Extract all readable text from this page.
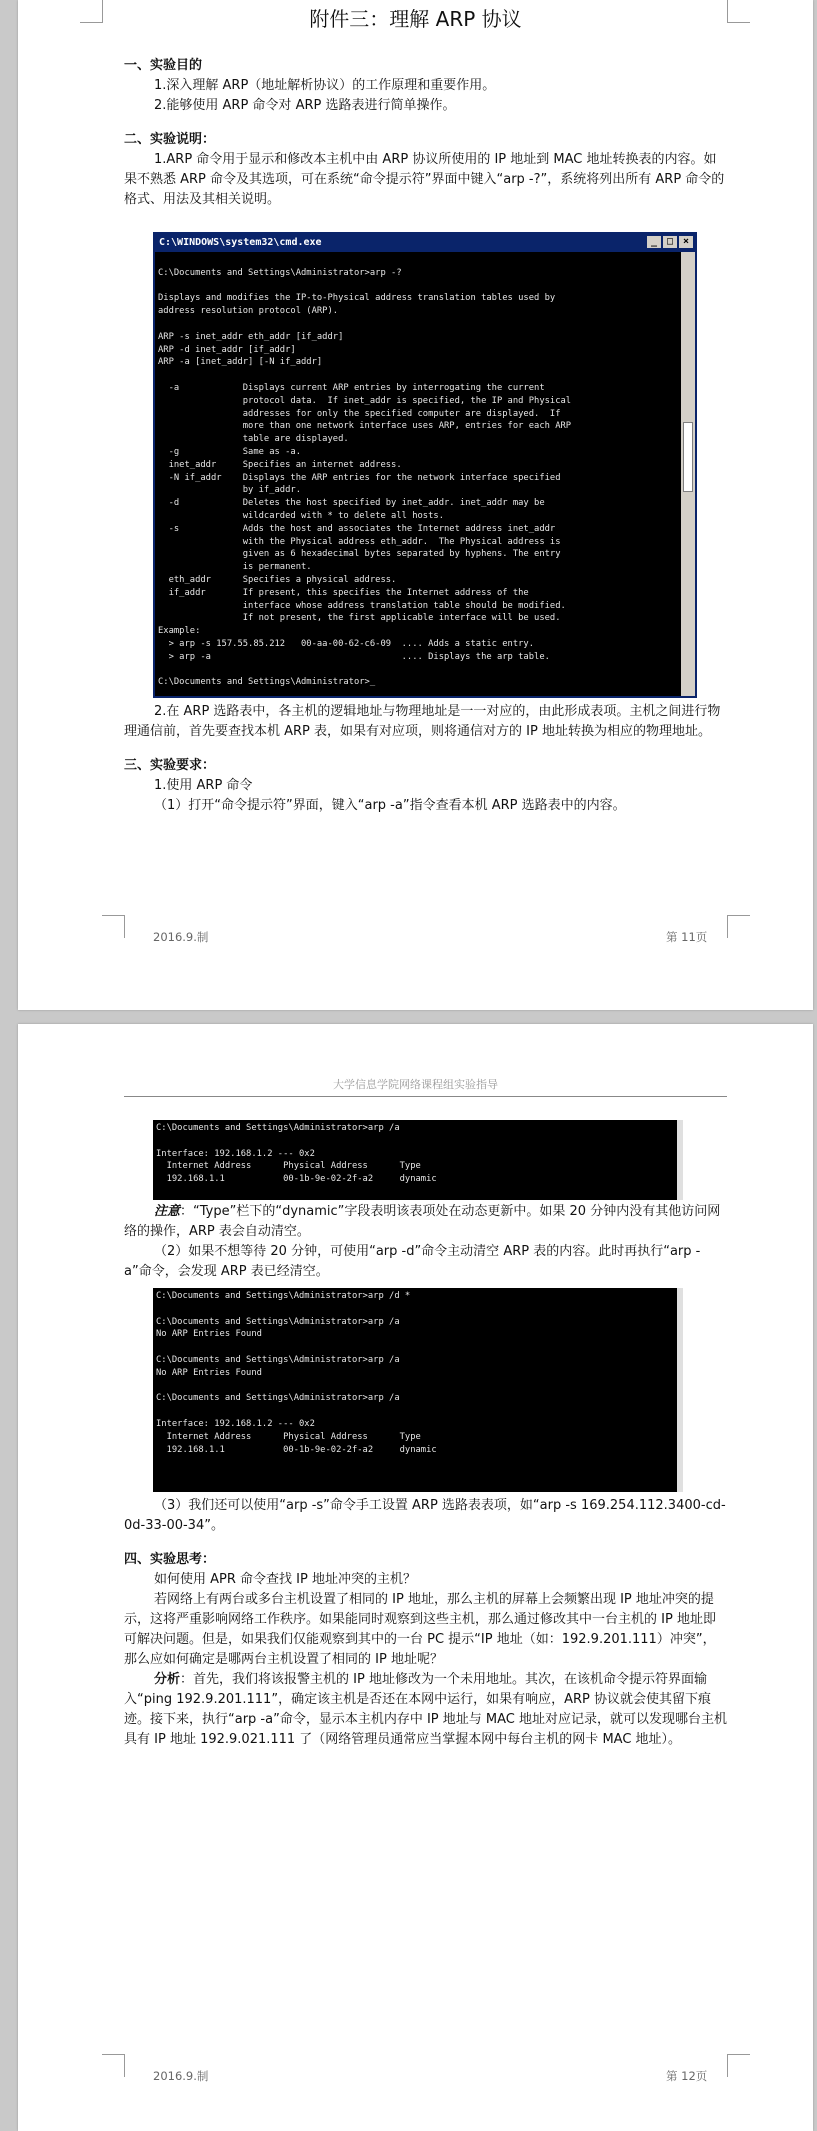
附件三：理解 ARP 协议

一、实验目的

1.深入理解 ARP（地址解析协议）的工作原理和重要作用。

2.能够使用 ARP 命令对 ARP 选路表进行简单操作。

二、实验说明：

1.ARP 命令用于显示和修改本主机中由 ARP 协议所使用的 IP 地址到 MAC 地址转换表的内容。如果不熟悉 ARP 命令及其选项，可在系统“命令提示符”界面中键入“arp -?”，系统将列出所有 ARP 命令的格式、用法及其相关说明。

C:\WINDOWS\system32\cmd.exe	_ □ ×

C:\Documents and Settings\Administrator>arp -?

Displays and modifies the IP-to-Physical address translation tables used by
address resolution protocol (ARP).

ARP -s inet_addr eth_addr [if_addr]
ARP -d inet_addr [if_addr]
ARP -a [inet_addr] [-N if_addr]

-a            Displays current ARP entries by interrogating the current
protocol data.  If inet_addr is specified, the IP and Physical
addresses for only the specified computer are displayed.  If
more than one network interface uses ARP, entries for each ARP
table are displayed.
-g            Same as -a.
inet_addr     Specifies an internet address.
-N if_addr    Displays the ARP entries for the network interface specified
by if_addr.
-d            Deletes the host specified by inet_addr. inet_addr may be
wildcarded with * to delete all hosts.
-s            Adds the host and associates the Internet address inet_addr
with the Physical address eth_addr.  The Physical address is
given as 6 hexadecimal bytes separated by hyphens. The entry
is permanent.
eth_addr      Specifies a physical address.
if_addr       If present, this specifies the Internet address of the
interface whose address translation table should be modified.
If not present, the first applicable interface will be used.
Example:
> arp -s 157.55.85.212   00-aa-00-62-c6-09  .... Adds a static entry.
> arp -a                                    .... Displays the arp table.

C:\Documents and Settings\Administrator>_

2.在 ARP 选路表中，各主机的逻辑地址与物理地址是一一对应的，由此形成表项。主机之间进行物理通信前，首先要查找本机 ARP 表，如果有对应项，则将通信对方的 IP 地址转换为相应的物理地址。

三、实验要求：

1.使用 ARP 命令

（1）打开“命令提示符”界面，键入“arp -a”指令查看本机 ARP 选路表中的内容。

2016.9.制	第 11页
大学信息学院网络课程组实验指导
C:\Documents and Settings\Administrator>arp /a

Interface: 192.168.1.2 --- 0x2
Internet Address      Physical Address      Type
192.168.1.1           00-1b-9e-02-2f-a2     dynamic

注意：“Type”栏下的“dynamic”字段表明该表项处在动态更新中。如果 20 分钟内没有其他访问网络的操作，ARP 表会自动清空。

（2）如果不想等待 20 分钟，可使用“arp -d”命令主动清空 ARP 表的内容。此时再执行“arp -a”命令，会发现 ARP 表已经清空。

C:\Documents and Settings\Administrator>arp /d *

C:\Documents and Settings\Administrator>arp /a
No ARP Entries Found

C:\Documents and Settings\Administrator>arp /a
No ARP Entries Found

C:\Documents and Settings\Administrator>arp /a

Interface: 192.168.1.2 --- 0x2
Internet Address      Physical Address      Type
192.168.1.1           00-1b-9e-02-2f-a2     dynamic

（3）我们还可以使用“arp -s”命令手工设置 ARP 选路表表项，如“arp -s 169.254.112.3400-cd-0d-33-00-34”。

四、实验思考：

如何使用 APR 命令查找 IP 地址冲突的主机？

若网络上有两台或多台主机设置了相同的 IP 地址，那么主机的屏幕上会频繁出现 IP 地址冲突的提示，这将严重影响网络工作秩序。如果能同时观察到这些主机，那么通过修改其中一台主机的 IP 地址即可解决问题。但是，如果我们仅能观察到其中的一台 PC 提示“IP 地址（如：192.9.201.111）冲突”，那么应如何确定是哪两台主机设置了相同的 IP 地址呢？

分析：首先，我们将该报警主机的 IP 地址修改为一个未用地址。其次，在该机命令提示符界面输入“ping 192.9.201.111”，确定该主机是否还在本网中运行，如果有响应，ARP 协议就会使其留下痕迹。接下来，执行“arp -a”命令，显示本主机内存中 IP 地址与 MAC 地址对应记录，就可以发现哪台主机具有 IP 地址 192.9.021.111 了（网络管理员通常应当掌握本网中每台主机的网卡 MAC 地址）。

2016.9.制	第 12页
